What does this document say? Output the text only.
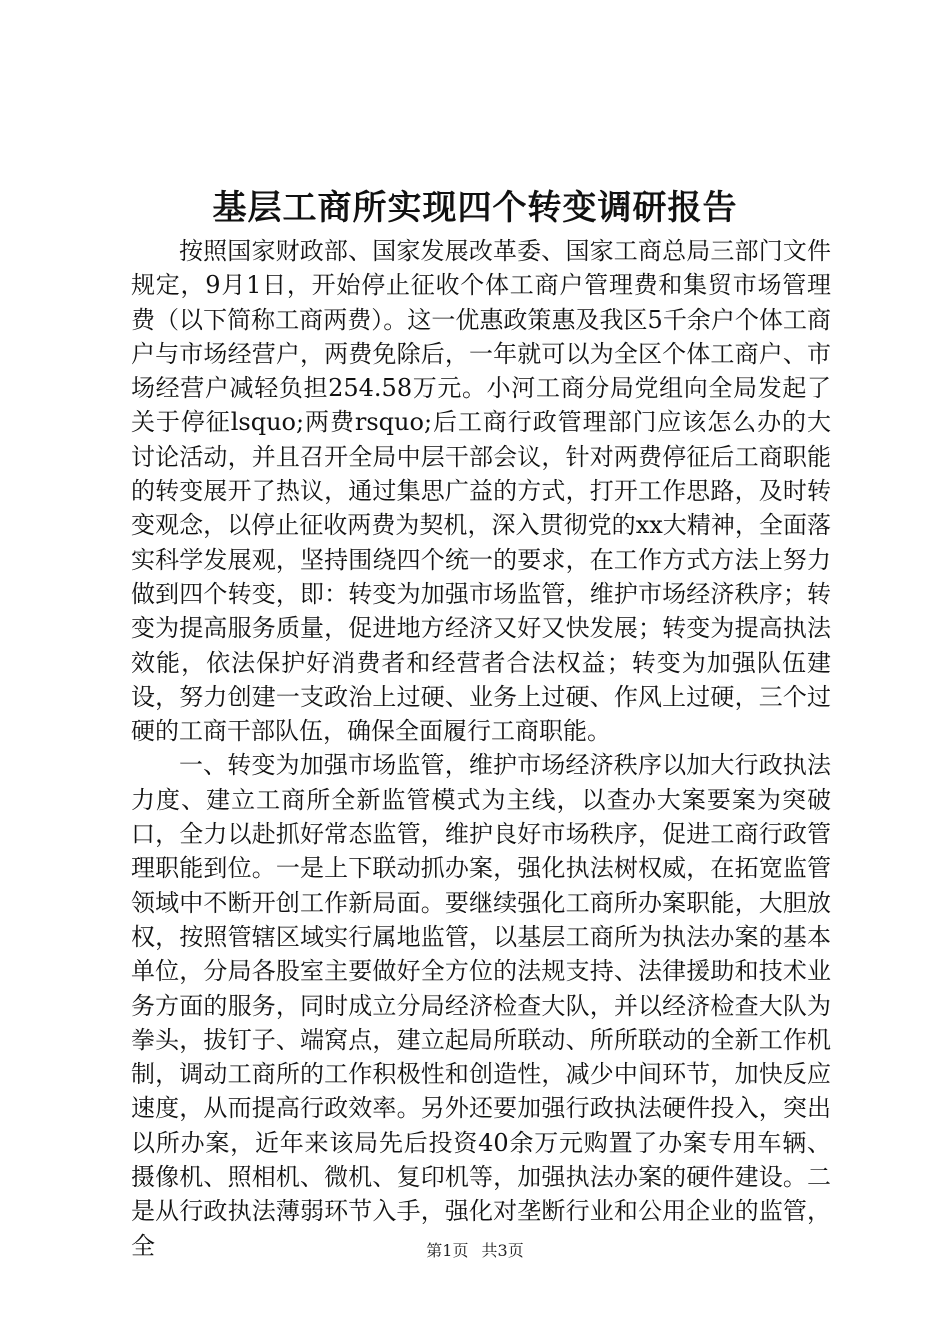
基层工商所实现四个转变调研报告

按照国家财政部、国家发展改革委、国家工商总局三部门文件规定，9月1日，开始停止征收个体工商户管理费和集贸市场管理费（以下简称工商两费）。这一优惠政策惠及我区5千余户个体工商户与市场经营户，两费免除后，一年就可以为全区个体工商户、市场经营户减轻负担254.58万元。小河工商分局党组向全局发起了关于停征lsquo;两费rsquo;后工商行政管理部门应该怎么办的大讨论活动，并且召开全局中层干部会议，针对两费停征后工商职能的转变展开了热议，通过集思广益的方式，打开工作思路，及时转变观念，以停止征收两费为契机，深入贯彻党的xx大精神，全面落实科学发展观，坚持围绕四个统一的要求，在工作方式方法上努力做到四个转变，即：转变为加强市场监管，维护市场经济秩序；转变为提高服务质量，促进地方经济又好又快发展；转变为提高执法效能，依法保护好消费者和经营者合法权益；转变为加强队伍建设，努力创建一支政治上过硬、业务上过硬、作风上过硬，三个过硬的工商干部队伍，确保全面履行工商职能。

一、转变为加强市场监管，维护市场经济秩序以加大行政执法力度、建立工商所全新监管模式为主线，以查办大案要案为突破口，全力以赴抓好常态监管，维护良好市场秩序，促进工商行政管理职能到位。一是上下联动抓办案，强化执法树权威，在拓宽监管领域中不断开创工作新局面。要继续强化工商所办案职能，大胆放权，按照管辖区域实行属地监管，以基层工商所为执法办案的基本单位，分局各股室主要做好全方位的法规支持、法律援助和技术业务方面的服务，同时成立分局经济检查大队，并以经济检查大队为拳头，拔钉子、端窝点，建立起局所联动、所所联动的全新工作机制，调动工商所的工作积极性和创造性，减少中间环节，加快反应速度，从而提高行政效率。另外还要加强行政执法硬件投入，突出以所办案，近年来该局先后投资40余万元购置了办案专用车辆、摄像机、照相机、微机、复印机等，加强执法办案的硬件建设。二是从行政执法薄弱环节入手，强化对垄断行业和公用企业的监管，全	第1页 共3页
